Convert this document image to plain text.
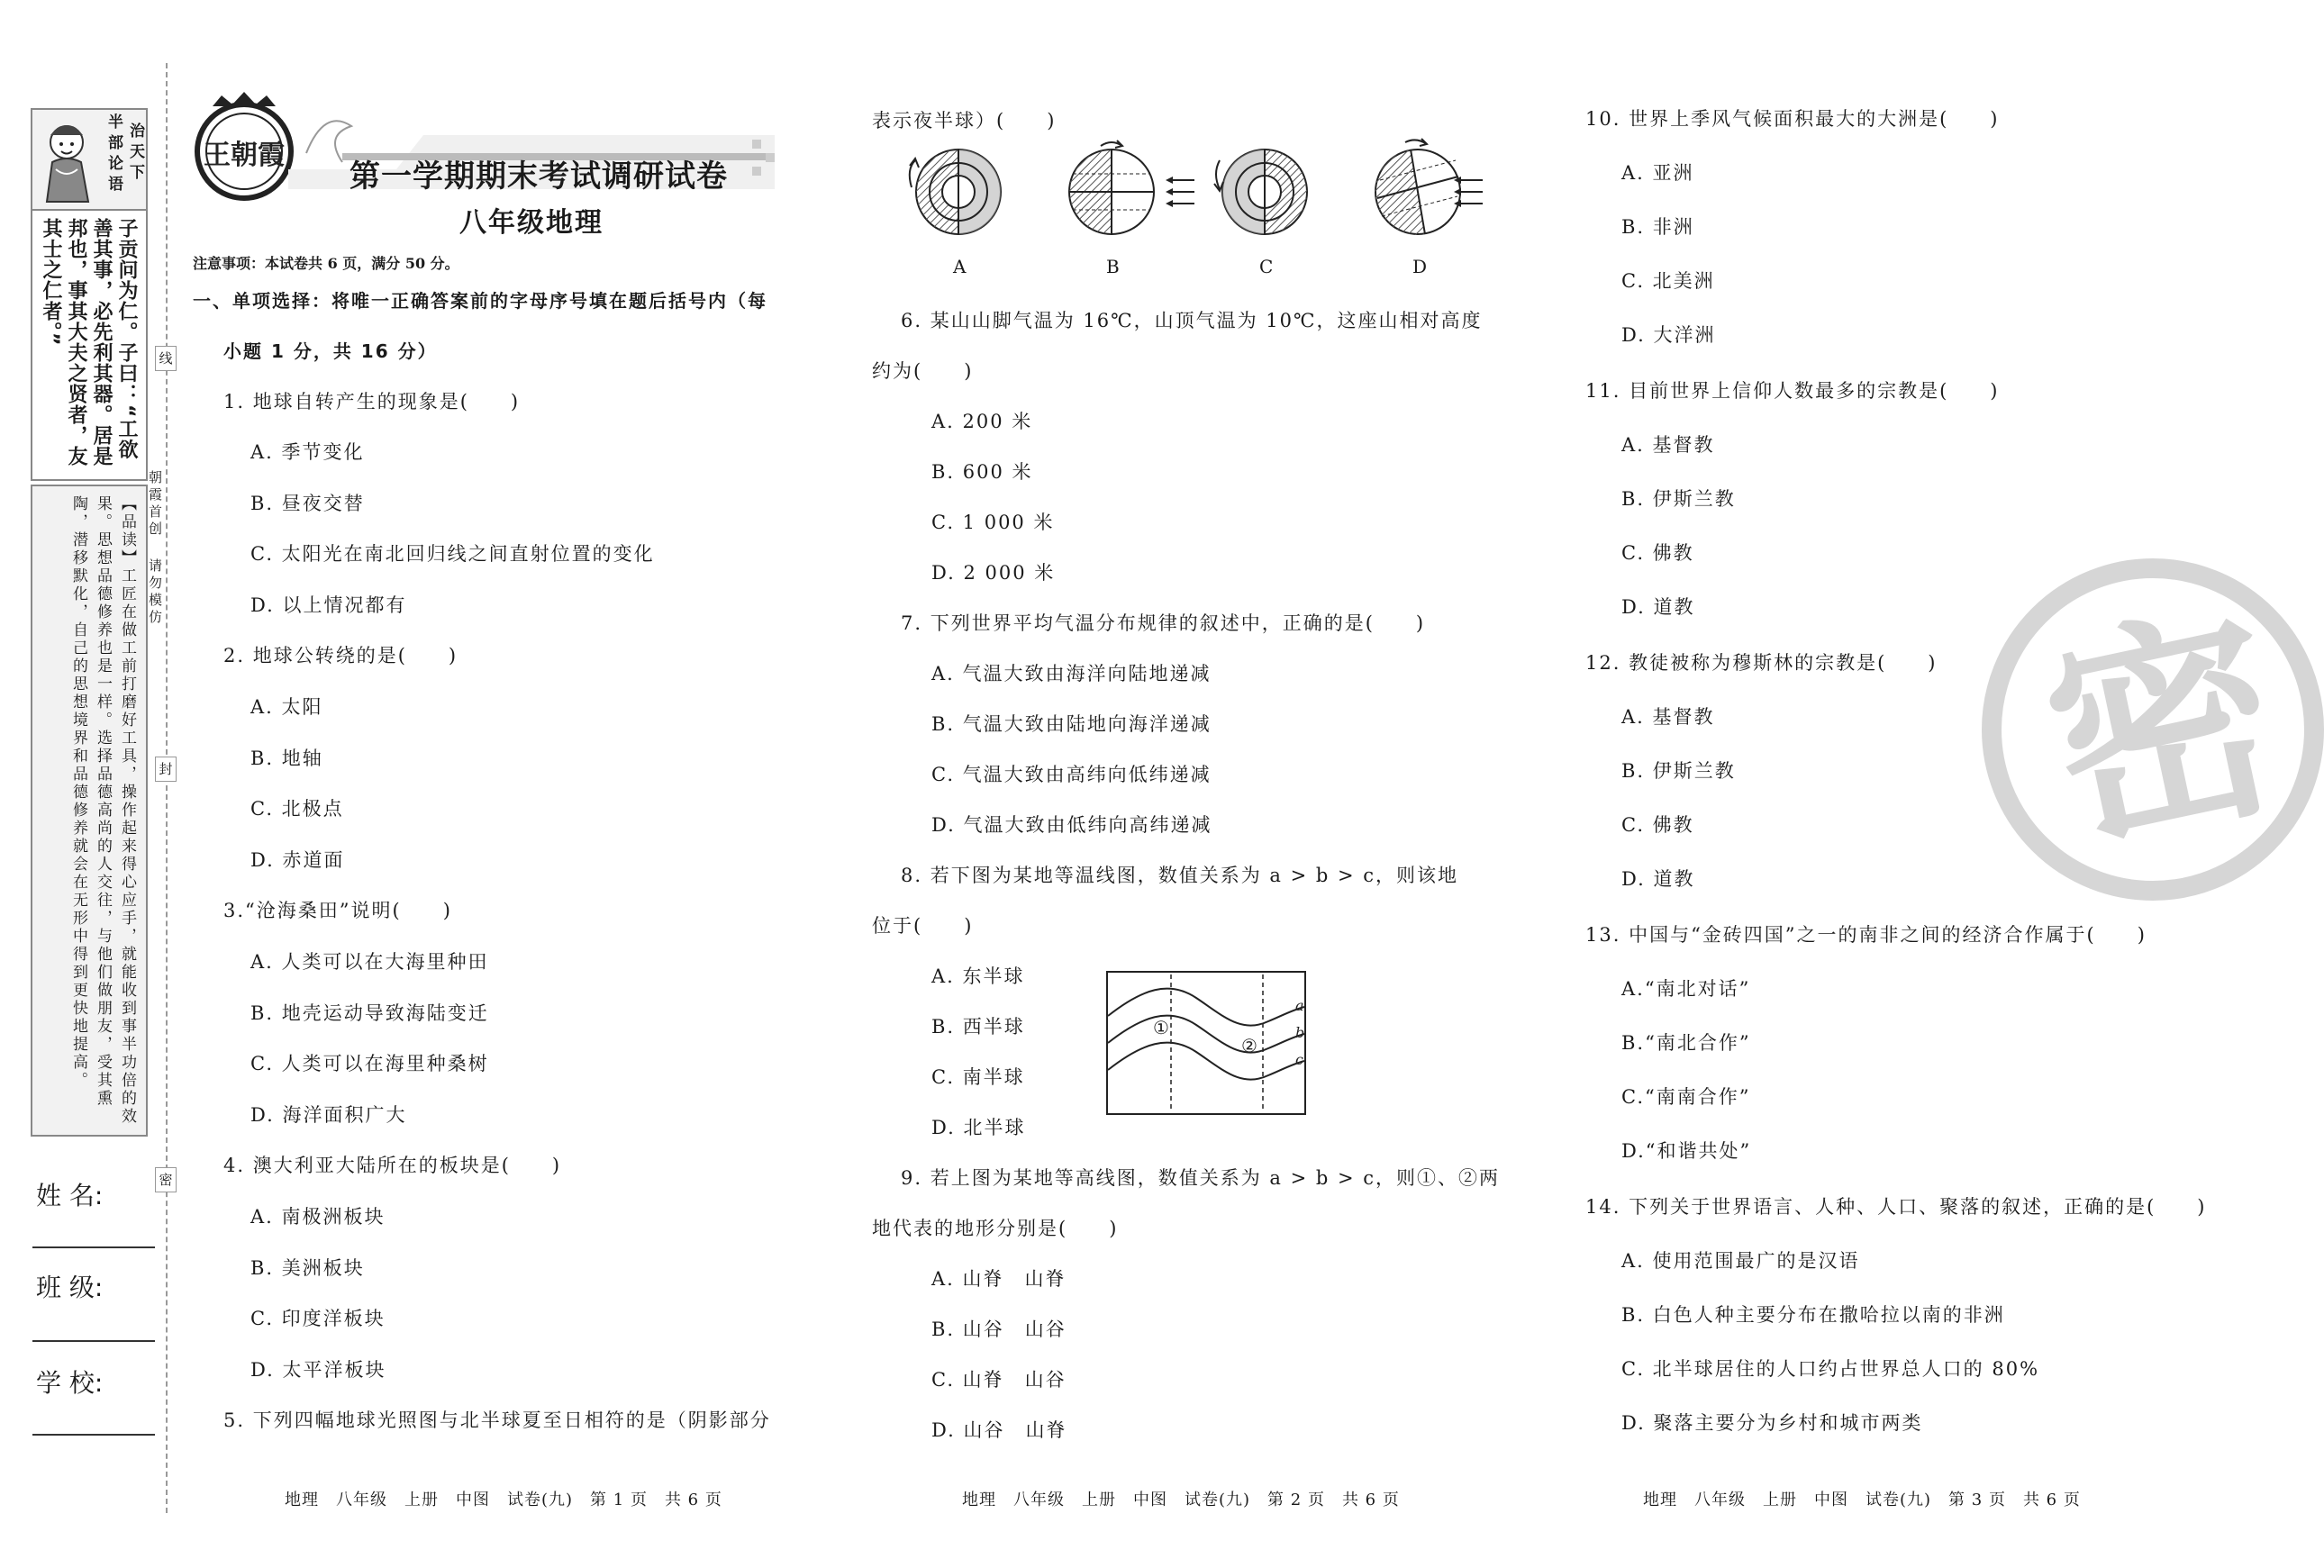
半部论语
治天下
子贡问为仁。子曰：“工欲善其事，必先利其器。居是邦也，事其大夫之贤者，友其士之仁者。”
【品读】工匠在做工前打磨好工具，操作起来得心应手，就能收到事半功倍的效果。思想品德修养也是一样。选择品德高尚的人交往，与他们做朋友，受其熏陶，潜移默化，自己的思想境界和品德修养就会在无形中得到更快地提高。	朝霞首创
请勿模仿
线
封
密
姓 名:
班 级:
学 校:
王朝霞
第一学期期末考试调研试卷
八年级地理
注意事项：本试卷共 6 页，满分 50 分。
一、单项选择：将唯一正确答案前的字母序号填在题后括号内（每
小题 1 分，共 16 分）
1. 地球自转产生的现象是(　　)
A. 季节变化
B. 昼夜交替
C. 太阳光在南北回归线之间直射位置的变化
D. 以上情况都有
2. 地球公转绕的是(　　)
A. 太阳
B. 地轴
C. 北极点
D. 赤道面
3.“沧海桑田”说明(　　)
A. 人类可以在大海里种田
B. 地壳运动导致海陆变迁
C. 人类可以在海里种桑树
D. 海洋面积广大
4. 澳大利亚大陆所在的板块是(　　)
A. 南极洲板块
B. 美洲板块
C. 印度洋板块
D. 太平洋板块
5. 下列四幅地球光照图与北半球夏至日相符的是（阴影部分
地理　八年级　上册　中图　试卷(九)　第 1 页　共 6 页
表示夜半球）(　　)
A	B	C	D
6. 某山山脚气温为 16℃，山顶气温为 10℃，这座山相对高度
约为(　　)
A. 200 米
B. 600 米
C. 1 000 米
D. 2 000 米
7. 下列世界平均气温分布规律的叙述中，正确的是(　　)
A. 气温大致由海洋向陆地递减
B. 气温大致由陆地向海洋递减
C. 气温大致由高纬向低纬递减
D. 气温大致由低纬向高纬递减
8. 若下图为某地等温线图，数值关系为 a > b > c，则该地
位于(　　)
A. 东半球
B. 西半球
C. 南半球
D. 北半球
a
b
c
①
②
9. 若上图为某地等高线图，数值关系为 a > b > c，则①、②两
地代表的地形分别是(　　)
A. 山脊　山脊
B. 山谷　山谷
C. 山脊　山谷
D. 山谷　山脊
地理　八年级　上册　中图　试卷(九)　第 2 页　共 6 页
密
10. 世界上季风气候面积最大的大洲是(　　)
A. 亚洲
B. 非洲
C. 北美洲
D. 大洋洲
11. 目前世界上信仰人数最多的宗教是(　　)
A. 基督教
B. 伊斯兰教
C. 佛教
D. 道教
12. 教徒被称为穆斯林的宗教是(　　)
A. 基督教
B. 伊斯兰教
C. 佛教
D. 道教
13. 中国与“金砖四国”之一的南非之间的经济合作属于(　　)
A.“南北对话”
B.“南北合作”
C.“南南合作”
D.“和谐共处”
14. 下列关于世界语言、人种、人口、聚落的叙述，正确的是(　　)
A. 使用范围最广的是汉语
B. 白色人种主要分布在撒哈拉以南的非洲
C. 北半球居住的人口约占世界总人口的 80%
D. 聚落主要分为乡村和城市两类
地理　八年级　上册　中图　试卷(九)　第 3 页　共 6 页
